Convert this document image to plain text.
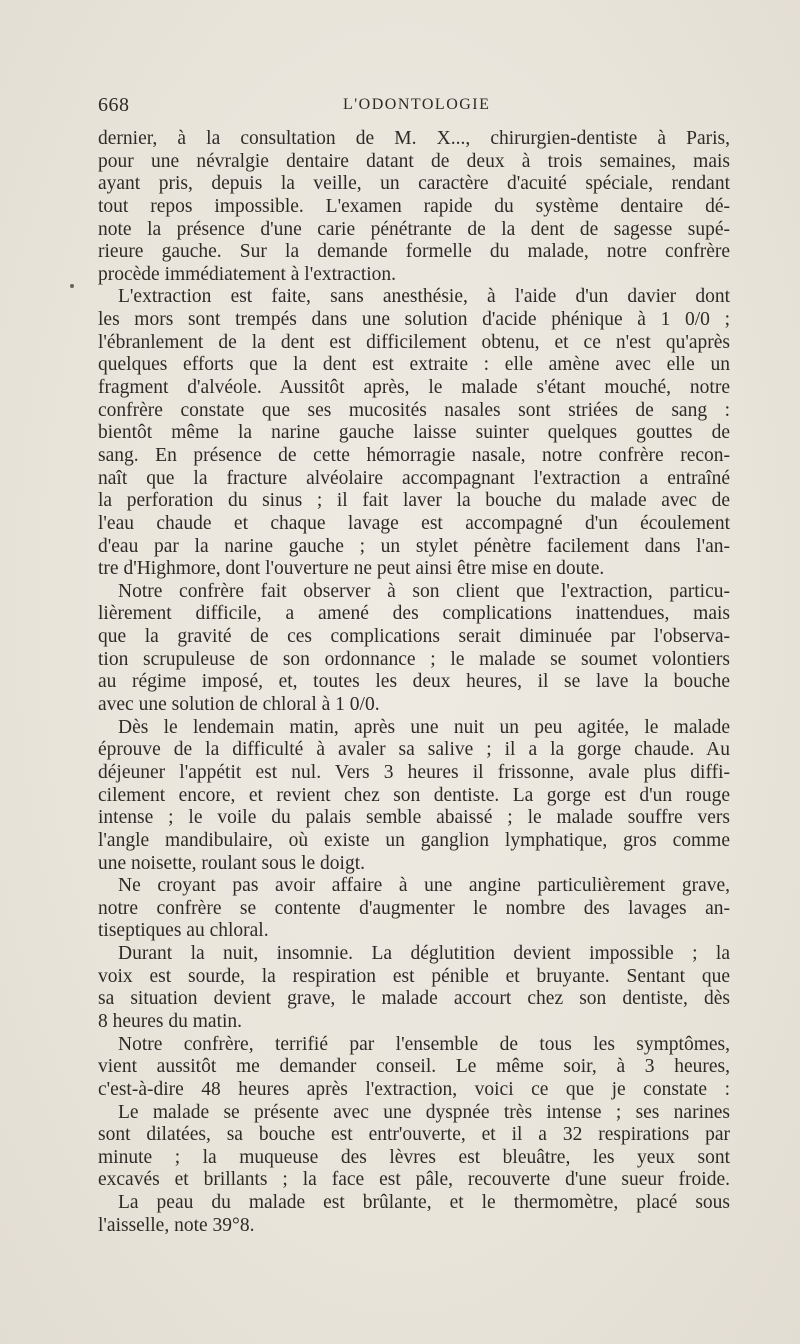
668	L'ODONTOLOGIE
dernier, à la consultation de M. X..., chirurgien-dentiste à Paris,
pour une névralgie dentaire datant de deux à trois semaines, mais
ayant pris, depuis la veille, un caractère d'acuité spéciale, rendant
tout repos impossible. L'examen rapide du système dentaire dé-
note la présence d'une carie pénétrante de la dent de sagesse supé-
rieure gauche. Sur la demande formelle du malade, notre confrère
procède immédiatement à l'extraction.
L'extraction est faite, sans anesthésie, à l'aide d'un davier dont
les mors sont trempés dans une solution d'acide phénique à 1 0/0 ;
l'ébranlement de la dent est difficilement obtenu, et ce n'est qu'après
quelques efforts que la dent est extraite : elle amène avec elle un
fragment d'alvéole. Aussitôt après, le malade s'étant mouché, notre
confrère constate que ses mucosités nasales sont striées de sang :
bientôt même la narine gauche laisse suinter quelques gouttes de
sang. En présence de cette hémorragie nasale, notre confrère recon-
naît que la fracture alvéolaire accompagnant l'extraction a entraîné
la perforation du sinus ; il fait laver la bouche du malade avec de
l'eau chaude et chaque lavage est accompagné d'un écoulement
d'eau par la narine gauche ; un stylet pénètre facilement dans l'an-
tre d'Highmore, dont l'ouverture ne peut ainsi être mise en doute.
Notre confrère fait observer à son client que l'extraction, particu-
lièrement difficile, a amené des complications inattendues, mais
que la gravité de ces complications serait diminuée par l'observa-
tion scrupuleuse de son ordonnance ; le malade se soumet volontiers
au régime imposé, et, toutes les deux heures, il se lave la bouche
avec une solution de chloral à 1 0/0.
Dès le lendemain matin, après une nuit un peu agitée, le malade
éprouve de la difficulté à avaler sa salive ; il a la gorge chaude. Au
déjeuner l'appétit est nul. Vers 3 heures il frissonne, avale plus diffi-
cilement encore, et revient chez son dentiste. La gorge est d'un rouge
intense ; le voile du palais semble abaissé ; le malade souffre vers
l'angle mandibulaire, où existe un ganglion lymphatique, gros comme
une noisette, roulant sous le doigt.
Ne croyant pas avoir affaire à une angine particulièrement grave,
notre confrère se contente d'augmenter le nombre des lavages an-
tiseptiques au chloral.
Durant la nuit, insomnie. La déglutition devient impossible ; la
voix est sourde, la respiration est pénible et bruyante. Sentant que
sa situation devient grave, le malade accourt chez son dentiste, dès
8 heures du matin.
Notre confrère, terrifié par l'ensemble de tous les symptômes,
vient aussitôt me demander conseil. Le même soir, à 3 heures,
c'est-à-dire 48 heures après l'extraction, voici ce que je constate :
Le malade se présente avec une dyspnée très intense ; ses narines
sont dilatées, sa bouche est entr'ouverte, et il a 32 respirations par
minute ; la muqueuse des lèvres est bleuâtre, les yeux sont
excavés et brillants ; la face est pâle, recouverte d'une sueur froide.
La peau du malade est brûlante, et le thermomètre, placé sous
l'aisselle, note 39°8.
